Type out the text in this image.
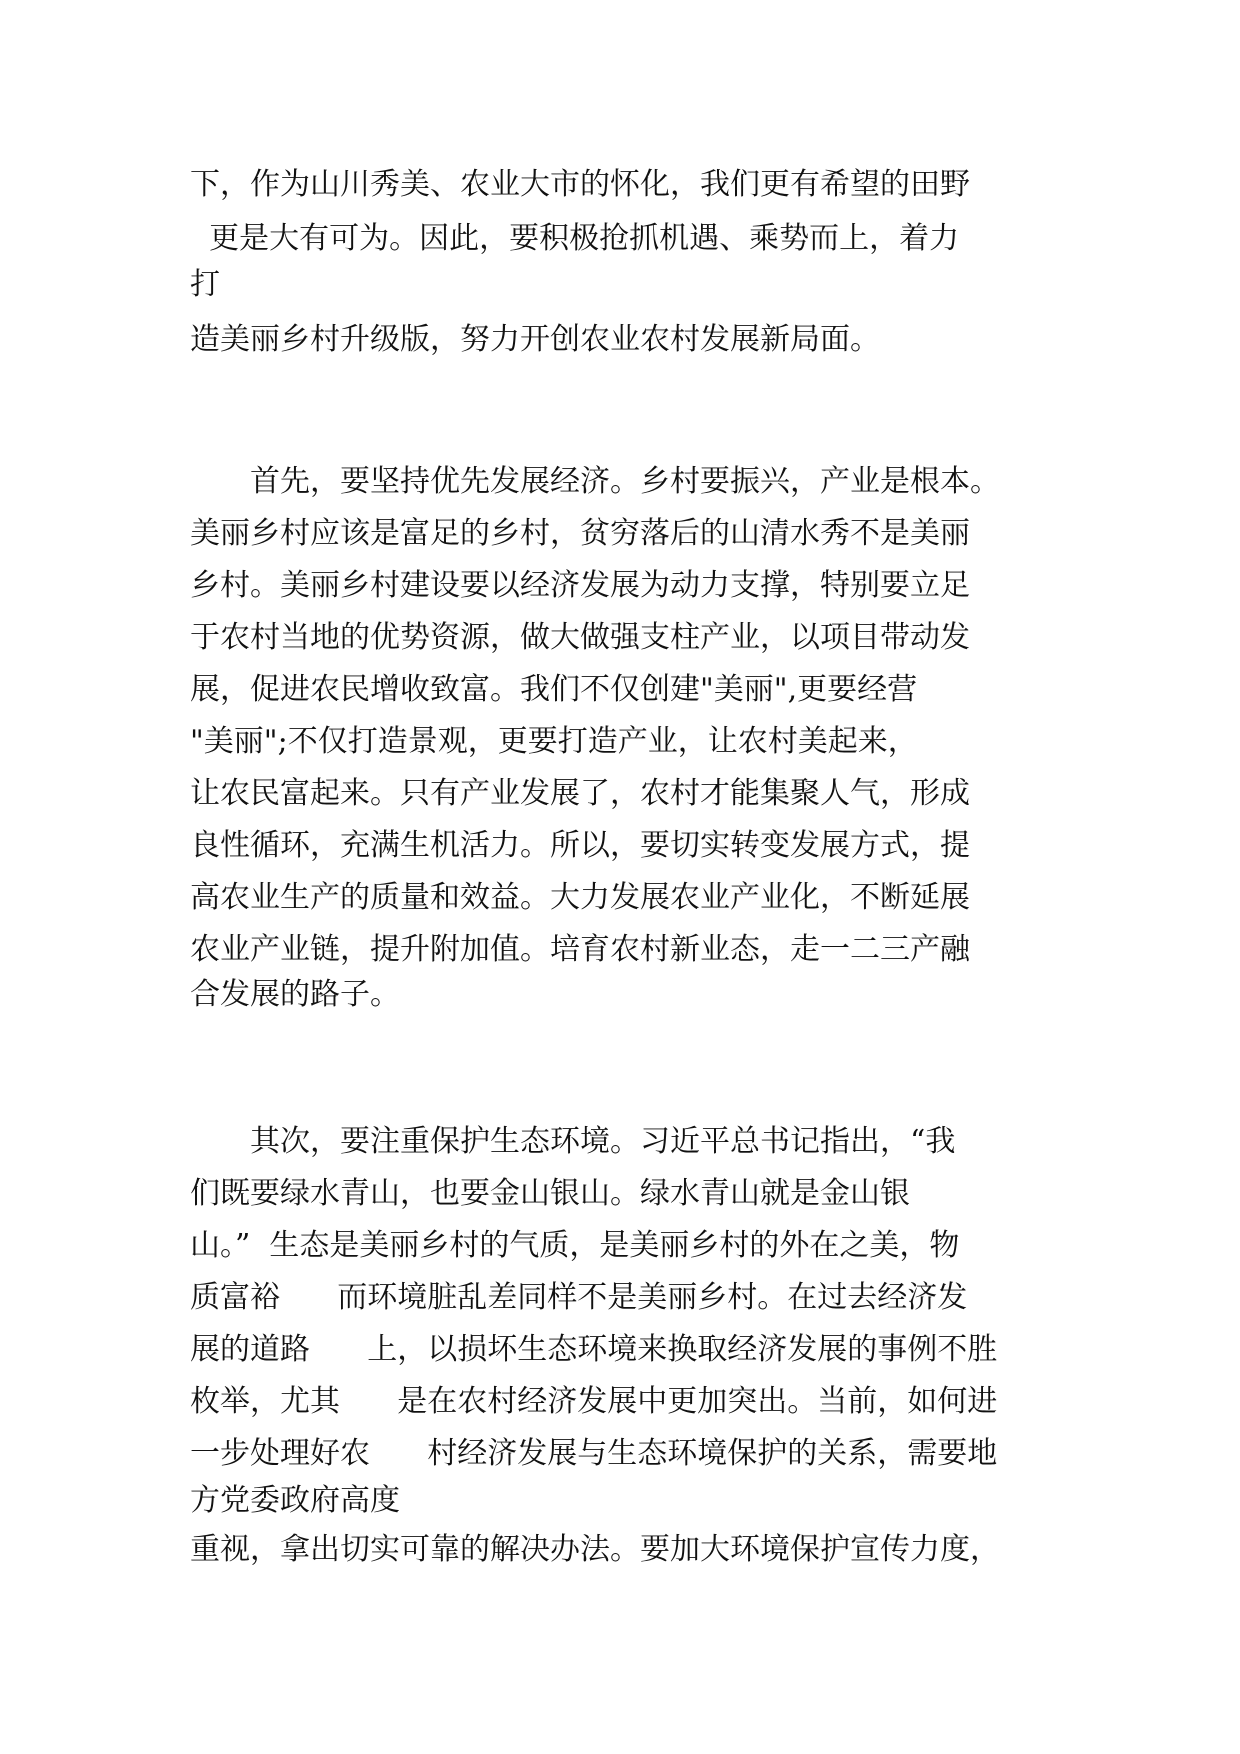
下，作为山川秀美、农业大市的怀化，我们更有希望的田野
更是大有可为。因此，要积极抢抓机遇、乘势而上，着力
打
造美丽乡村升级版，努力开创农业农村发展新局面。
　　首先，要坚持优先发展经济。乡村要振兴，产业是根本。
美丽乡村应该是富足的乡村，贫穷落后的山清水秀不是美丽
乡村。美丽乡村建设要以经济发展为动力支撑，特别要立足
于农村当地的优势资源，做大做强支柱产业，以项目带动发
展，促进农民增收致富。我们不仅创建"美丽",更要经营
"美丽";不仅打造景观，更要打造产业，让农村美起来，
让农民富起来。只有产业发展了，农村才能集聚人气，形成
良性循环，充满生机活力。所以，要切实转变发展方式，提
高农业生产的质量和效益。大力发展农业产业化，不断延展
农业产业链，提升附加值。培育农村新业态，走一二三产融
合发展的路子。
　　其次，要注重保护生态环境。习近平总书记指出，“我
们既要绿水青山，也要金山银山。绿水青山就是金山银
山。”  生态是美丽乡村的气质，是美丽乡村的外在之美，物
质富裕      而环境脏乱差同样不是美丽乡村。在过去经济发
展的道路      上，以损坏生态环境来换取经济发展的事例不胜
枚举，尤其      是在农村经济发展中更加突出。当前，如何进
一步处理好农      村经济发展与生态环境保护的关系，需要地
方党委政府高度
重视，拿出切实可靠的解决办法。要加大环境保护宣传力度，
